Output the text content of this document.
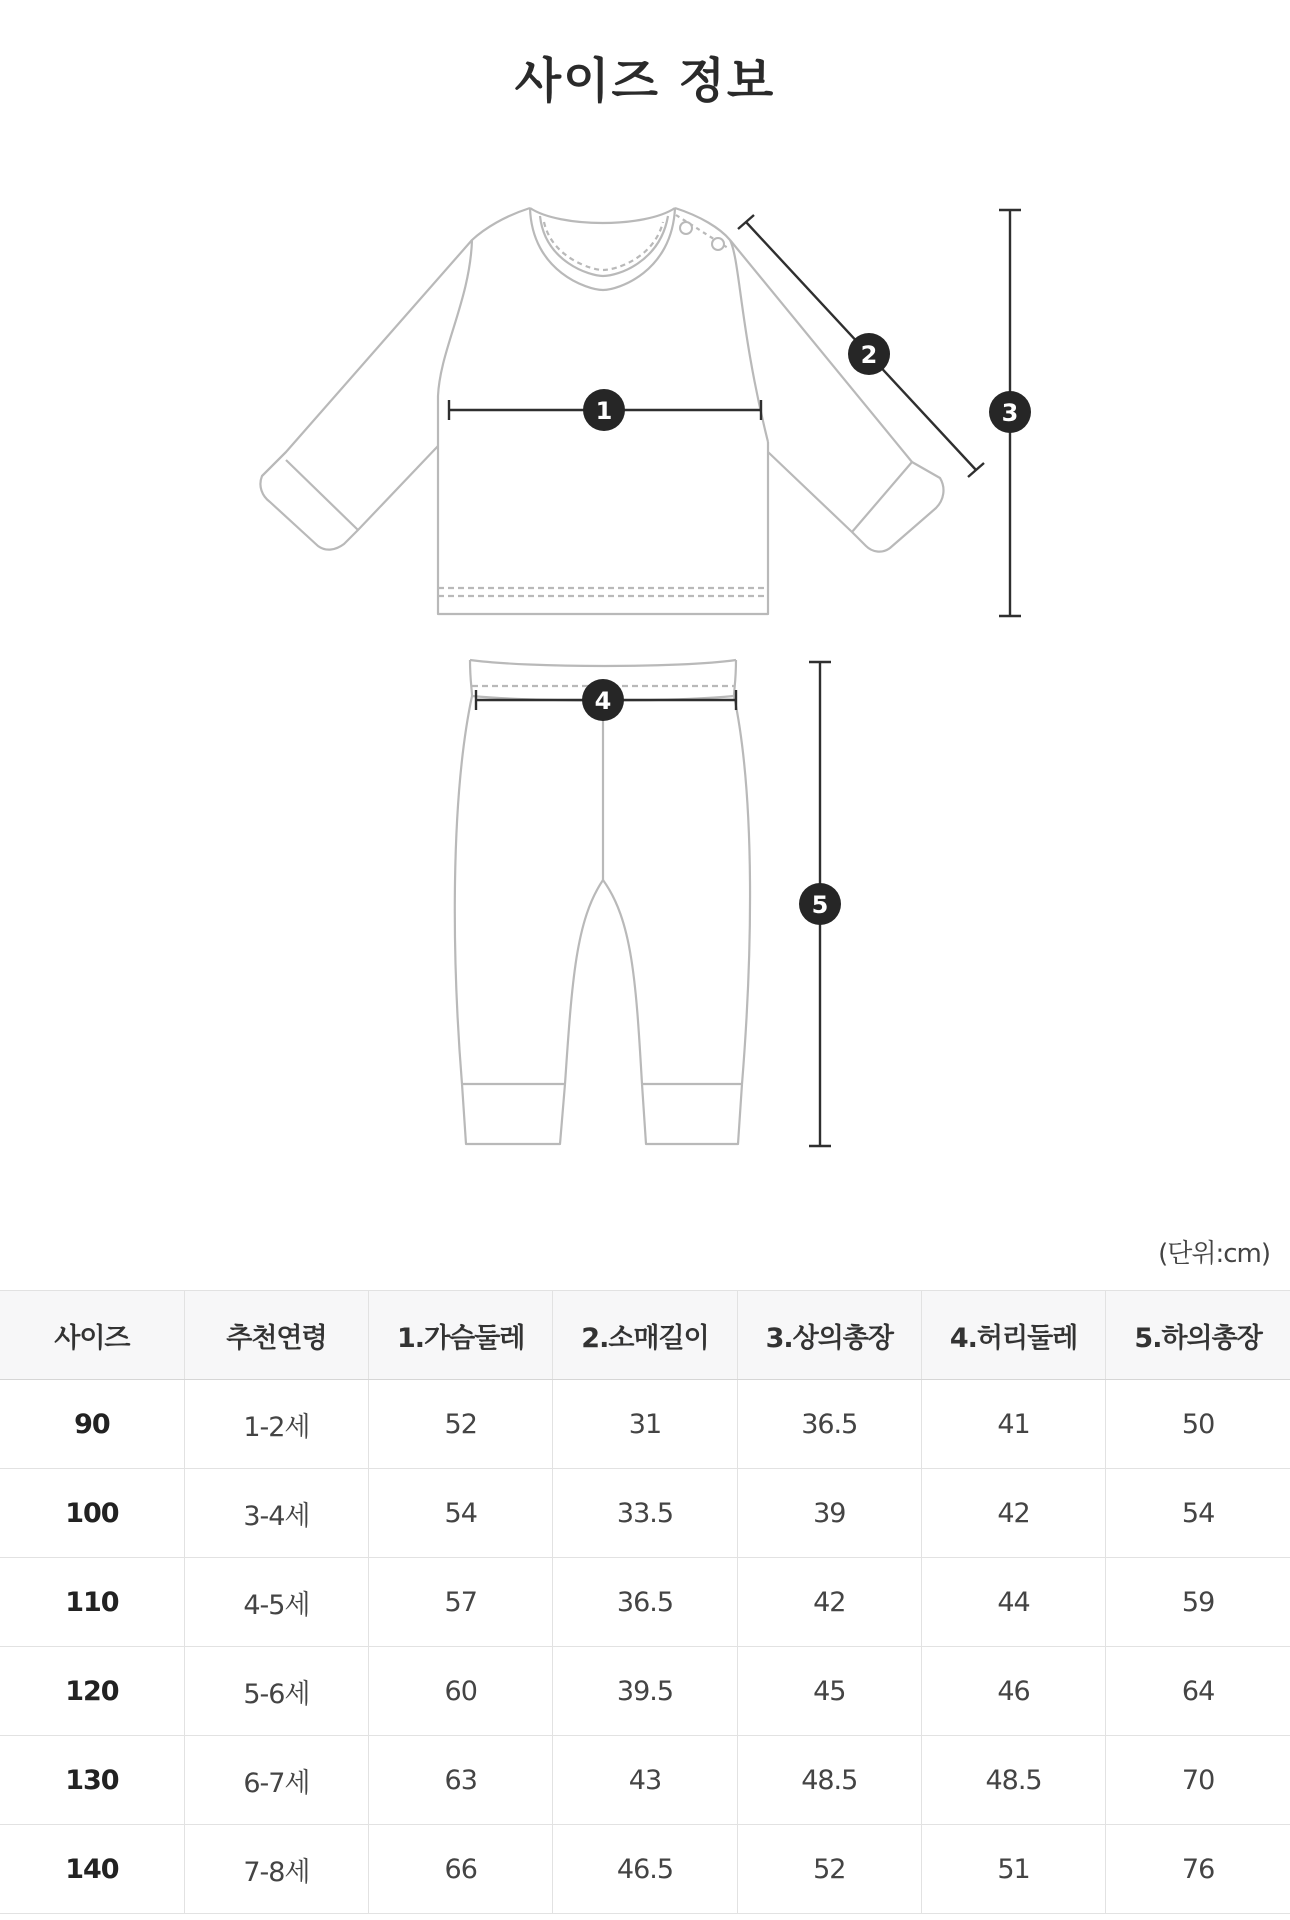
사이즈 정보
1
2
3
4
5
(단위:cm)
사이즈	추천연령	1.가슴둘레	2.소매길이	3.상의총장	4.허리둘레	5.하의총장
90	1-2세	52	31	36.5	41	50
100	3-4세	54	33.5	39	42	54
110	4-5세	57	36.5	42	44	59
120	5-6세	60	39.5	45	46	64
130	6-7세	63	43	48.5	48.5	70
140	7-8세	66	46.5	52	51	76
